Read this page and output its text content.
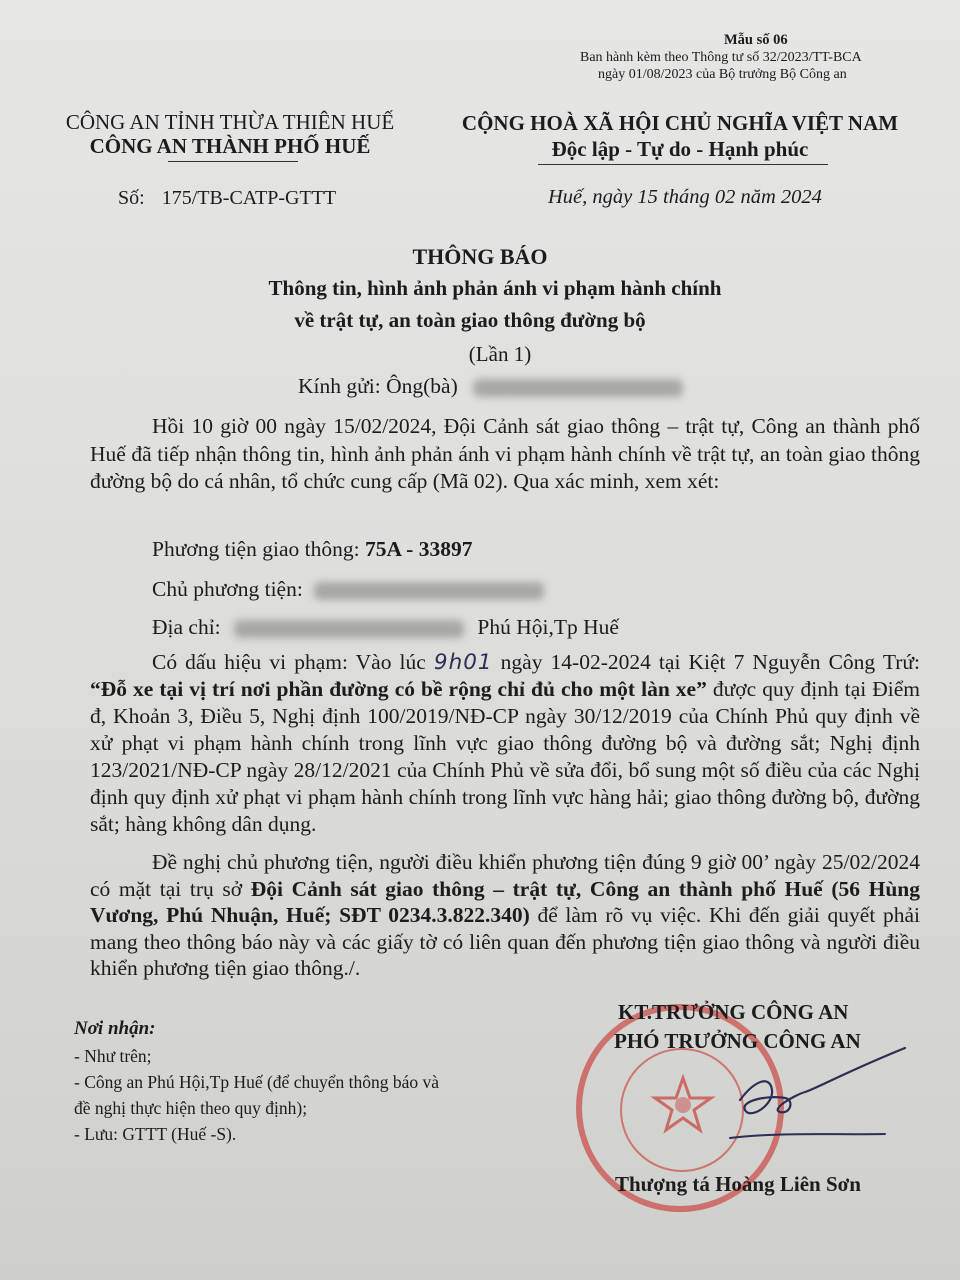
Mẫu số 06
Ban hành kèm theo Thông tư số 32/2023/TT-BCA
ngày 01/08/2023 của Bộ trưởng Bộ Công an
CÔNG AN TỈNH THỪA THIÊN HUẾ
CÔNG AN THÀNH PHỐ HUẾ
Số: 175/TB-CATP-GTTT
CỘNG HOÀ XÃ HỘI CHỦ NGHĨA VIỆT NAM
Độc lập - Tự do - Hạnh phúc
Huế, ngày 15 tháng 02 năm 2024
THÔNG BÁO
Thông tin, hình ảnh phản ánh vi phạm hành chính
về trật tự, an toàn giao thông đường bộ
(Lần 1)
Kính gửi: Ông(bà)

Hồi 10 giờ 00 ngày 15/02/2024, Đội Cảnh sát giao thông – trật tự, Công an thành phố Huế đã tiếp nhận thông tin, hình ảnh phản ánh vi phạm hành chính về trật tự, an toàn giao thông đường bộ do cá nhân, tổ chức cung cấp (Mã 02). Qua xác minh, xem xét:

Phương tiện giao thông: 75A - 33897
Chủ phương tiện:
Địa chỉ:	Phú Hội,Tp Huế

Có dấu hiệu vi phạm: Vào lúc 9h01 ngày 14-02-2024 tại Kiệt 7 Nguyễn Công Trứ: “Đỗ xe tại vị trí nơi phần đường có bề rộng chỉ đủ cho một làn xe” được quy định tại Điểm đ, Khoản 3, Điều 5, Nghị định 100/2019/NĐ-CP ngày 30/12/2019 của Chính Phủ quy định về xử phạt vi phạm hành chính trong lĩnh vực giao thông đường bộ và đường sắt; Nghị định 123/2021/NĐ-CP ngày 28/12/2021 của Chính Phủ về sửa đổi, bổ sung một số điều của các Nghị định quy định xử phạt vi phạm hành chính trong lĩnh vực hàng hải; giao thông đường bộ, đường sắt; hàng không dân dụng.

Đề nghị chủ phương tiện, người điều khiển phương tiện đúng 9 giờ 00’ ngày 25/02/2024 có mặt tại trụ sở Đội Cảnh sát giao thông – trật tự, Công an thành phố Huế (56 Hùng Vương, Phú Nhuận, Huế; SĐT 0234.3.822.340) để làm rõ vụ việc. Khi đến giải quyết phải mang theo thông báo này và các giấy tờ có liên quan đến phương tiện giao thông và người điều khiển phương tiện giao thông./.

Nơi nhận:
- Như trên;
- Công an Phú Hội,Tp Huế (để chuyển thông báo và
đề nghị thực hiện theo quy định);
- Lưu: GTTT (Huế -S).
KT.TRƯỞNG CÔNG AN
PHÓ TRƯỞNG CÔNG AN
Thượng tá Hoàng Liên Sơn
